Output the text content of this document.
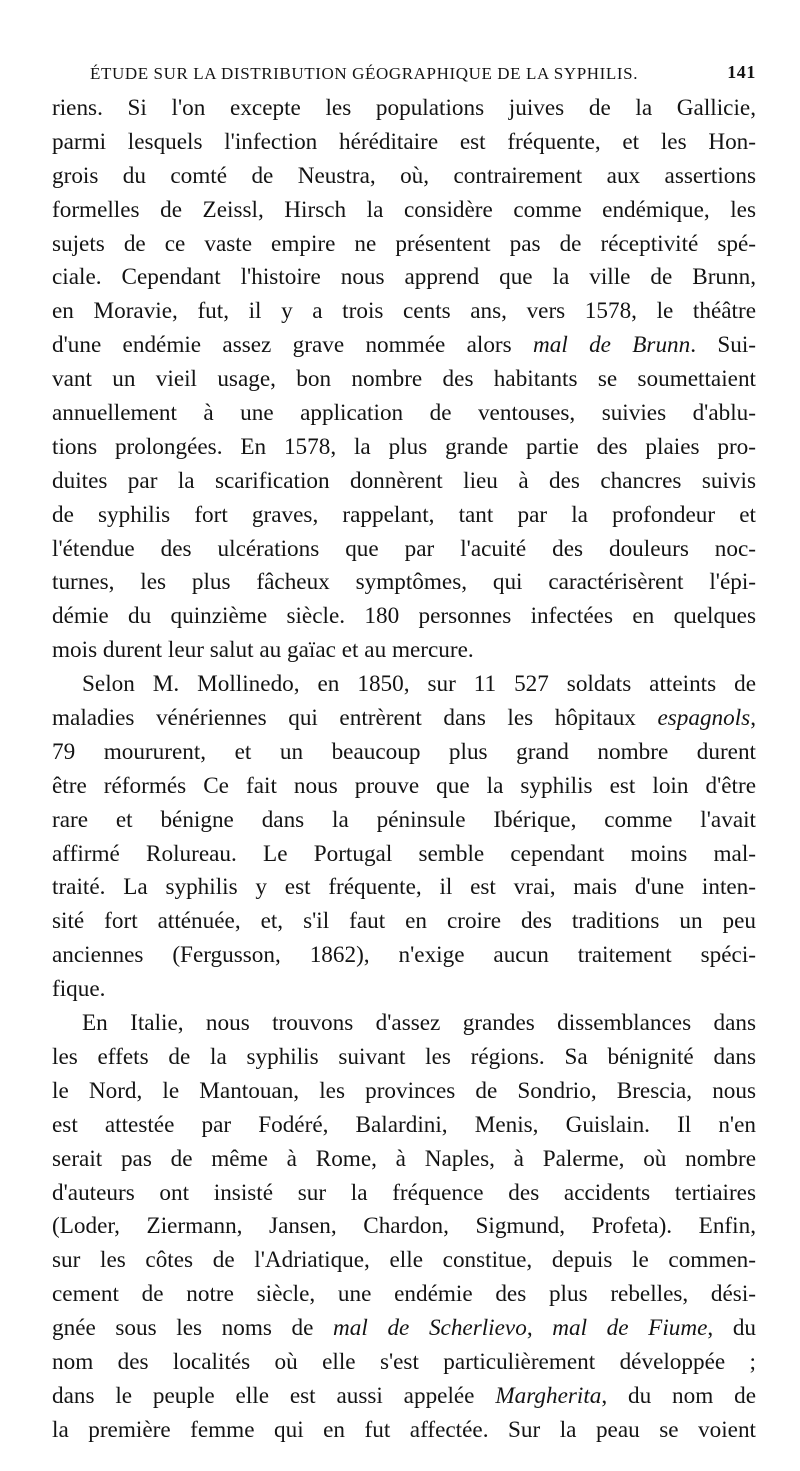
ÉTUDE SUR LA DISTRIBUTION GÉOGRAPHIQUE DE LA SYPHILIS.	141
riens. Si l'on excepte les populations juives de la Gallicie,
parmi lesquels l'infection héréditaire est fréquente, et les Hon-
grois du comté de Neustra, où, contrairement aux assertions
formelles de Zeissl, Hirsch la considère comme endémique, les
sujets de ce vaste empire ne présentent pas de réceptivité spé-
ciale. Cependant l'histoire nous apprend que la ville de Brunn,
en Moravie, fut, il y a trois cents ans, vers 1578, le théâtre
d'une endémie assez grave nommée alors mal de Brunn. Sui-
vant un vieil usage, bon nombre des habitants se soumettaient
annuellement à une application de ventouses, suivies d'ablu-
tions prolongées. En 1578, la plus grande partie des plaies pro-
duites par la scarification donnèrent lieu à des chancres suivis
de syphilis fort graves, rappelant, tant par la profondeur et
l'étendue des ulcérations que par l'acuité des douleurs noc-
turnes, les plus fâcheux symptômes, qui caractérisèrent l'épi-
démie du quinzième siècle. 180 personnes infectées en quelques
mois durent leur salut au gaïac et au mercure.
Selon M. Mollinedo, en 1850, sur 11 527 soldats atteints de
maladies vénériennes qui entrèrent dans les hôpitaux espagnols,
79 moururent, et un beaucoup plus grand nombre durent
être réformés Ce fait nous prouve que la syphilis est loin d'être
rare et bénigne dans la péninsule Ibérique, comme l'avait
affirmé Rolureau. Le Portugal semble cependant moins mal-
traité. La syphilis y est fréquente, il est vrai, mais d'une inten-
sité fort atténuée, et, s'il faut en croire des traditions un peu
anciennes (Fergusson, 1862), n'exige aucun traitement spéci-
fique.
En Italie, nous trouvons d'assez grandes dissemblances dans
les effets de la syphilis suivant les régions. Sa bénignité dans
le Nord, le Mantouan, les provinces de Sondrio, Brescia, nous
est attestée par Fodéré, Balardini, Menis, Guislain. Il n'en
serait pas de même à Rome, à Naples, à Palerme, où nombre
d'auteurs ont insisté sur la fréquence des accidents tertiaires
(Loder, Ziermann, Jansen, Chardon, Sigmund, Profeta). Enfin,
sur les côtes de l'Adriatique, elle constitue, depuis le commen-
cement de notre siècle, une endémie des plus rebelles, dési-
gnée sous les noms de mal de Scherlievo, mal de Fiume, du
nom des localités où elle s'est particulièrement développée ;
dans le peuple elle est aussi appelée Margherita, du nom de
la première femme qui en fut affectée. Sur la peau se voient
